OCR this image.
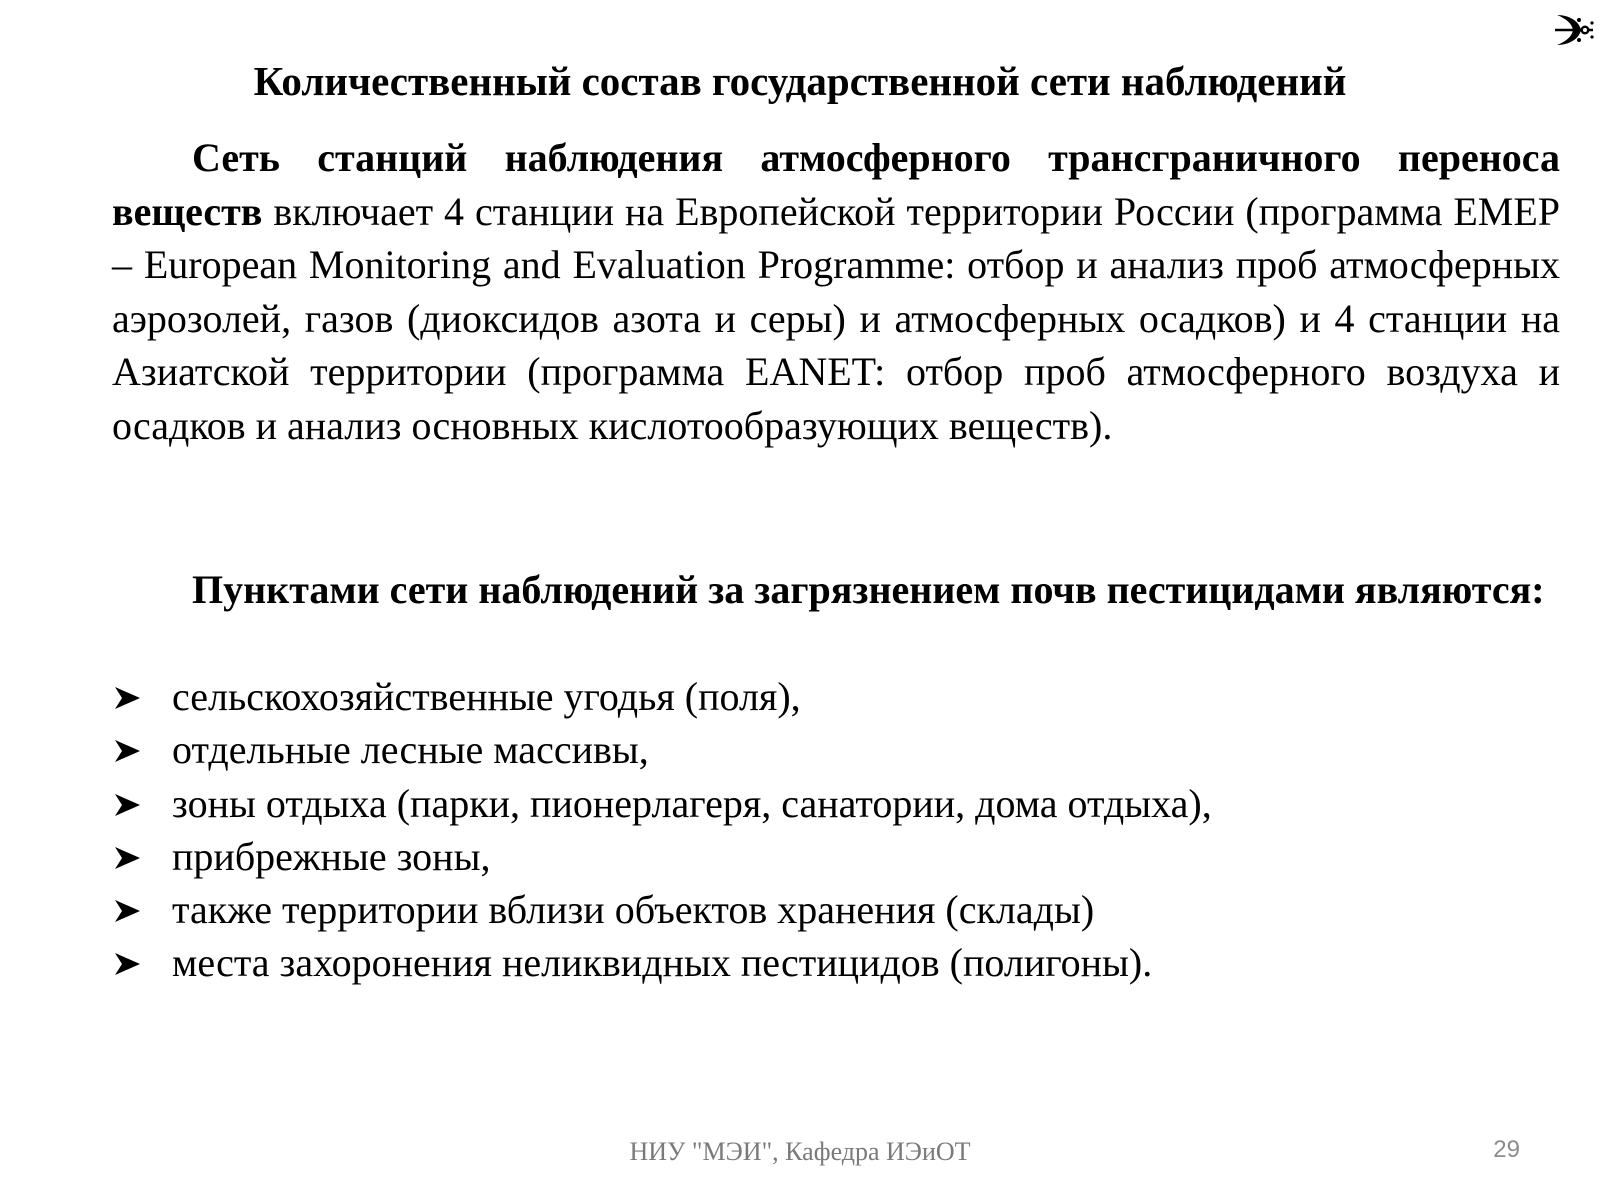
Количественный состав государственной сети наблюдений
Сеть станций наблюдения атмосферного трансграничного переноса веществ включает 4 станции на Европейской территории России (программа EMEP – European Monitoring and Evaluation Programme: отбор и анализ проб атмосферных аэрозолей, газов (диоксидов азота и серы) и атмосферных осадков) и 4 станции на Азиатской территории (программа EANET: отбор проб атмосферного воздуха и осадков и анализ основных кислотообразующих веществ).
Пунктами сети наблюдений за загрязнением почв пестицидами являются:
сельскохозяйственные угодья (поля),
отдельные лесные массивы,
зоны отдыха (парки, пионерлагеря, санатории, дома отдыха),
прибрежные зоны,
также территории вблизи объектов хранения (склады)
места захоронения неликвидных пестицидов (полигоны).
НИУ "МЭИ", Кафедра ИЭиОТ	29
